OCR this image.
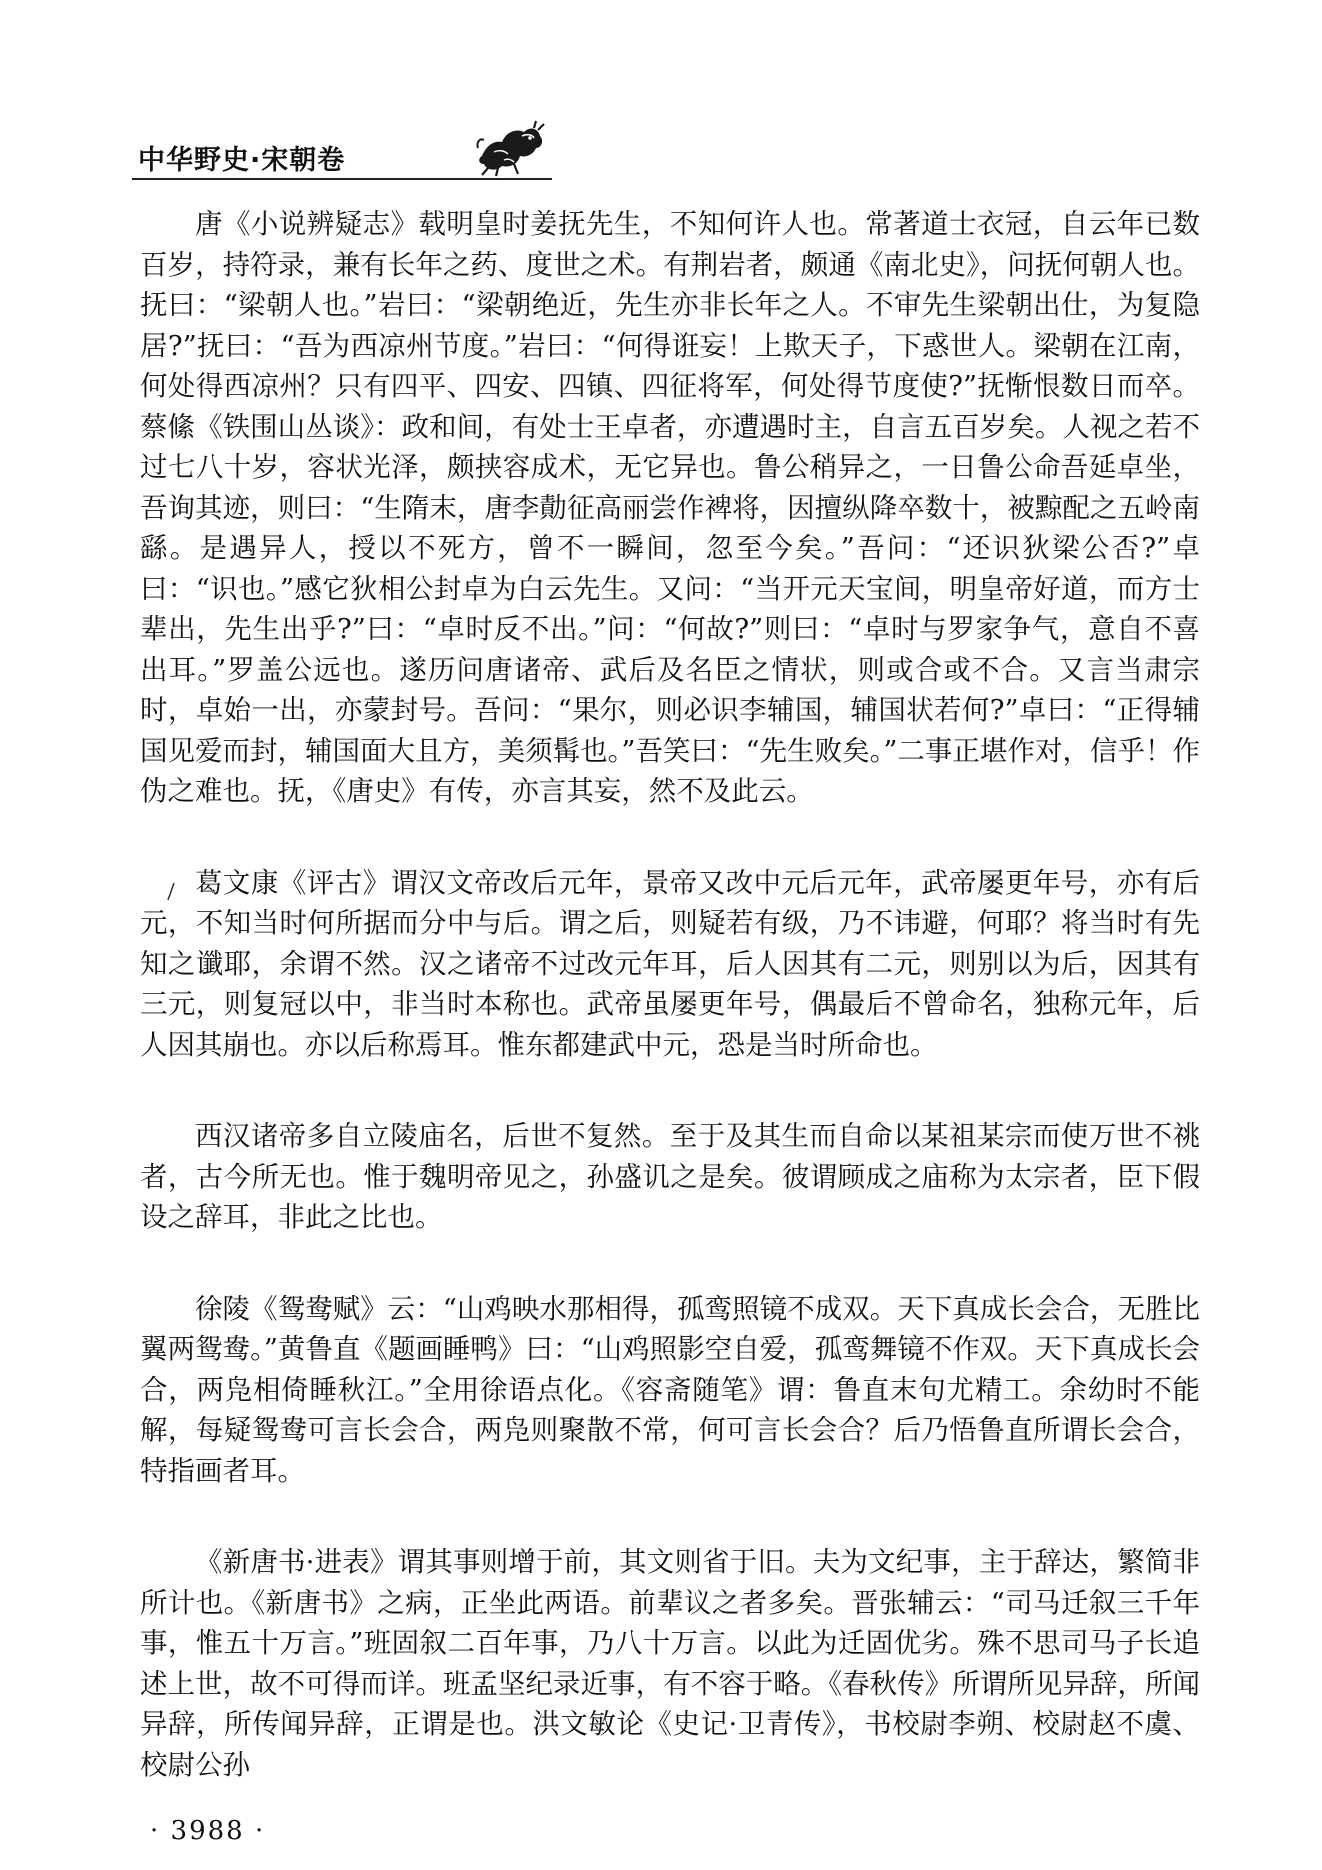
中华野史·宋朝卷

唐《小说辨疑志》载明皇时姜抚先生，不知何许人也。常著道士衣冠，自云年已数百岁，持符录，兼有长年之药、度世之术。有荆岩者，颇通《南北史》，问抚何朝人也。抚曰：“梁朝人也。”岩曰：“梁朝绝近，先生亦非长年之人。不审先生梁朝出仕，为复隐居?”抚曰：“吾为西凉州节度。”岩曰：“何得诳妄！上欺天子，下惑世人。梁朝在江南，何处得西凉州？只有四平、四安、四镇、四征将军，何处得节度使?”抚惭恨数日而卒。蔡絛《铁围山丛谈》：政和间，有处士王卓者，亦遭遇时主，自言五百岁矣。人视之若不过七八十岁，容状光泽，颇挟容成术，无它异也。鲁公稍异之，一日鲁公命吾延卓坐，吾询其迹，则曰：“生隋末，唐李勣征高丽尝作裨将，因擅纵降卒数十，被黥配之五岭南繇。是遇异人，授以不死方，曾不一瞬间，忽至今矣。”吾问：“还识狄梁公否?”卓曰：“识也。”感它狄相公封卓为白云先生。又问：“当开元天宝间，明皇帝好道，而方士辈出，先生出乎?”曰：“卓时反不出。”问：“何故?”则曰：“卓时与罗家争气，意自不喜出耳。”罗盖公远也。遂历问唐诸帝、武后及名臣之情状，则或合或不合。又言当肃宗时，卓始一出，亦蒙封号。吾问：“果尔，则必识李辅国，辅国状若何?”卓曰：“正得辅国见爱而封，辅国面大且方，美须髯也。”吾笑曰：“先生败矣。”二事正堪作对，信乎！作伪之难也。抚，《唐史》有传，亦言其妄，然不及此云。

葛文康《评古》谓汉文帝改后元年，景帝又改中元后元年，武帝屡更年号，亦有后元，不知当时何所据而分中与后。谓之后，则疑若有级，乃不讳避，何耶？将当时有先知之谶耶，余谓不然。汉之诸帝不过改元年耳，后人因其有二元，则别以为后，因其有三元，则复冠以中，非当时本称也。武帝虽屡更年号，偶最后不曾命名，独称元年，后人因其崩也。亦以后称焉耳。惟东都建武中元，恐是当时所命也。

西汉诸帝多自立陵庙名，后世不复然。至于及其生而自命以某祖某宗而使万世不祧者，古今所无也。惟于魏明帝见之，孙盛讥之是矣。彼谓顾成之庙称为太宗者，臣下假设之辞耳，非此之比也。

徐陵《鸳鸯赋》云：“山鸡映水那相得，孤鸾照镜不成双。天下真成长会合，无胜比翼两鸳鸯。”黄鲁直《题画睡鸭》曰：“山鸡照影空自爱，孤鸾舞镜不作双。天下真成长会合，两凫相倚睡秋江。”全用徐语点化。《容斋随笔》谓：鲁直末句尤精工。余幼时不能解，每疑鸳鸯可言长会合，两凫则聚散不常，何可言长会合？后乃悟鲁直所谓长会合，特指画者耳。

《新唐书·进表》谓其事则增于前，其文则省于旧。夫为文纪事，主于辞达，繁简非所计也。《新唐书》之病，正坐此两语。前辈议之者多矣。晋张辅云：“司马迁叙三千年事，惟五十万言。”班固叙二百年事，乃八十万言。以此为迁固优劣。殊不思司马子长追述上世，故不可得而详。班孟坚纪录近事，有不容于略。《春秋传》所谓所见异辞，所闻异辞，所传闻异辞，正谓是也。洪文敏论《史记·卫青传》，书校尉李朔、校尉赵不虞、校尉公孙

· 3988 ·
